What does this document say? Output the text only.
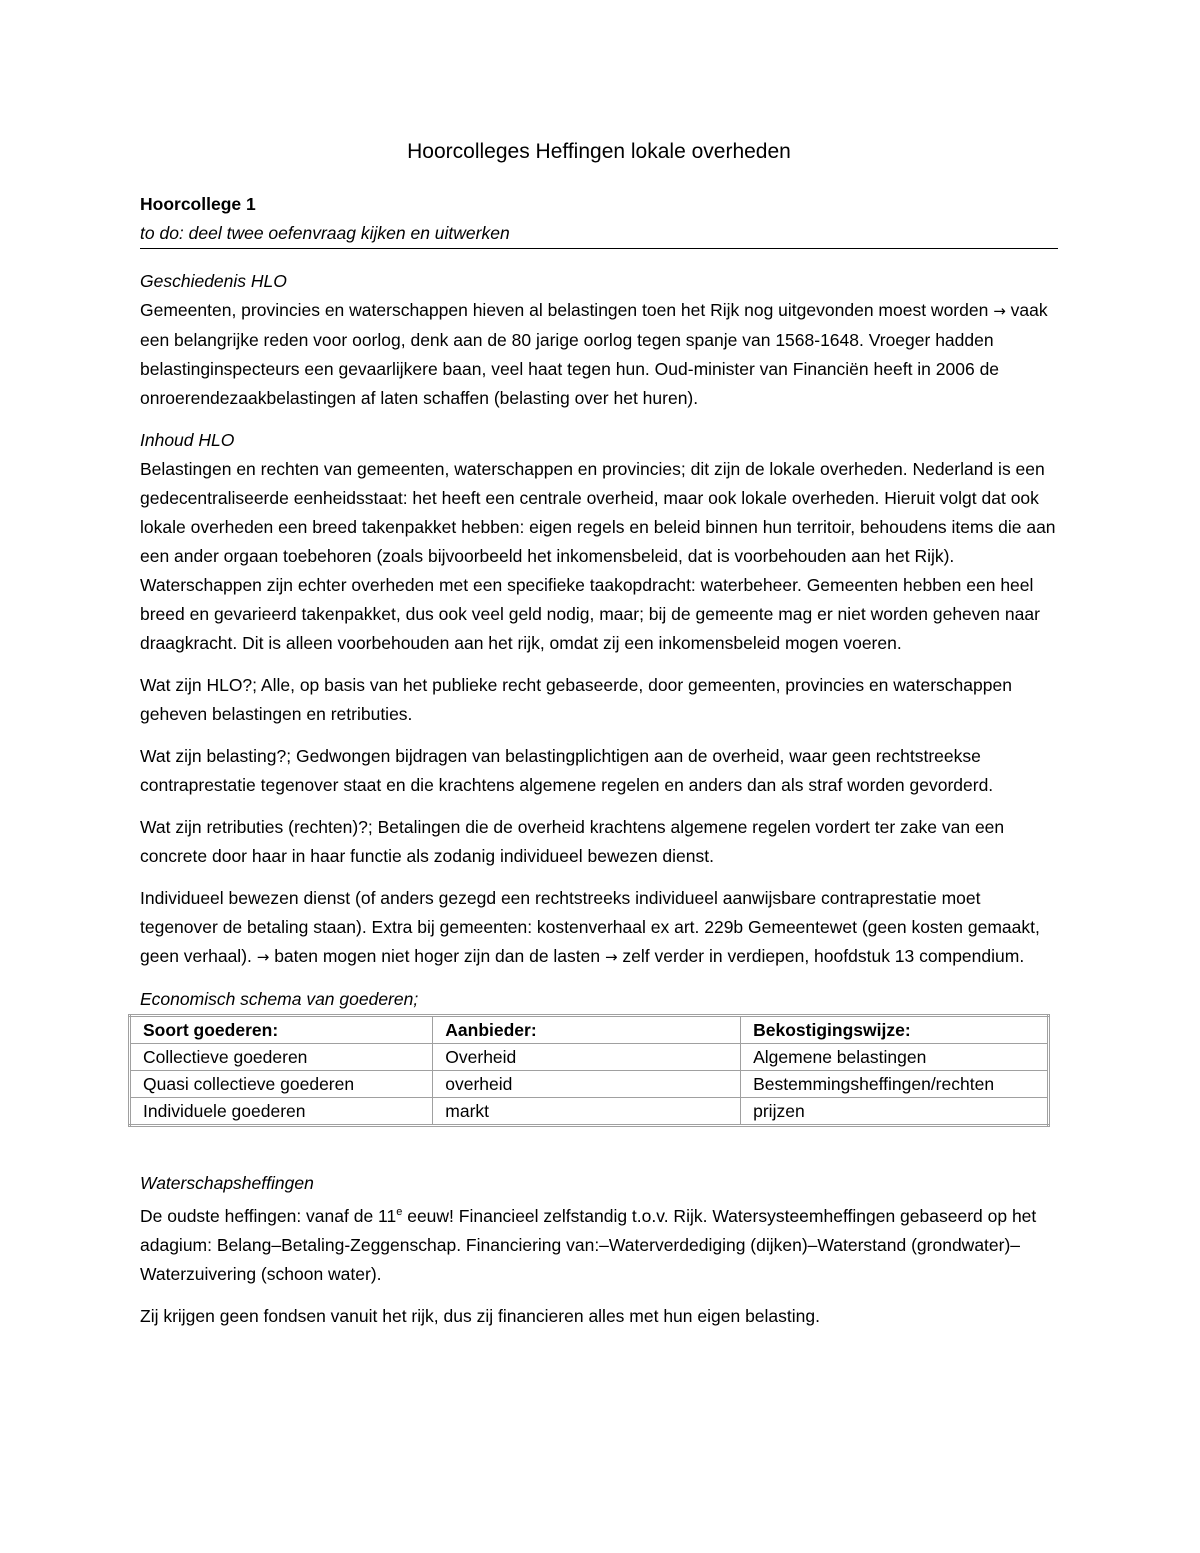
Hoorcolleges Heffingen lokale overheden
Hoorcollege 1
to do: deel twee oefenvraag kijken en uitwerken
Geschiedenis HLO

Gemeenten, provincies en waterschappen hieven al belastingen toen het Rijk nog uitgevonden moest worden → vaak een belangrijke reden voor oorlog, denk aan de 80 jarige oorlog tegen spanje van 1568-1648. Vroeger hadden belastinginspecteurs een gevaarlijkere baan, veel haat tegen hun. Oud-minister van Financiën heeft in 2006 de onroerendezaakbelastingen af laten schaffen (belasting over het huren).

Inhoud HLO

Belastingen en rechten van gemeenten, waterschappen en provincies; dit zijn de lokale overheden. Nederland is een gedecentraliseerde eenheidsstaat: het heeft een centrale overheid, maar ook lokale overheden. Hieruit volgt dat ook lokale overheden een breed takenpakket hebben: eigen regels en beleid binnen hun territoir, behoudens items die aan een ander orgaan toebehoren (zoals bijvoorbeeld het inkomensbeleid, dat is voorbehouden aan het Rijk). Waterschappen zijn echter overheden met een specifieke taakopdracht: waterbeheer. Gemeenten hebben een heel breed en gevarieerd takenpakket, dus ook veel geld nodig, maar; bij de gemeente mag er niet worden geheven naar draagkracht. Dit is alleen voorbehouden aan het rijk, omdat zij een inkomensbeleid mogen voeren.

Wat zijn HLO?; Alle, op basis van het publieke recht gebaseerde, door gemeenten, provincies en waterschappen geheven belastingen en retributies.

Wat zijn belasting?; Gedwongen bijdragen van belastingplichtigen aan de overheid, waar geen rechtstreekse contraprestatie tegenover staat en die krachtens algemene regelen en anders dan als straf worden gevorderd.

Wat zijn retributies (rechten)?; Betalingen die de overheid krachtens algemene regelen vordert ter zake van een concrete door haar in haar functie als zodanig individueel bewezen dienst.

Individueel bewezen dienst (of anders gezegd een rechtstreeks individueel aanwijsbare contraprestatie moet tegenover de betaling staan). Extra bij gemeenten: kostenverhaal ex art. 229b Gemeentewet (geen kosten gemaakt, geen verhaal). → baten mogen niet hoger zijn dan de lasten → zelf verder in verdiepen, hoofdstuk 13 compendium.

Economisch schema van goederen;
Soort goederen:	Aanbieder:	Bekostigingswijze:
Collectieve goederen	Overheid	Algemene belastingen
Quasi collectieve goederen	overheid	Bestemmingsheffingen/rechten
Individuele goederen	markt	prijzen
Waterschapsheffingen

De oudste heffingen: vanaf de 11e eeuw! Financieel zelfstandig t.o.v. Rijk. Watersysteemheffingen gebaseerd op het adagium: Belang–Betaling-Zeggenschap. Financiering van:–Waterverdediging (dijken)–Waterstand (grondwater)–Waterzuivering (schoon water).

Zij krijgen geen fondsen vanuit het rijk, dus zij financieren alles met hun eigen belasting.
